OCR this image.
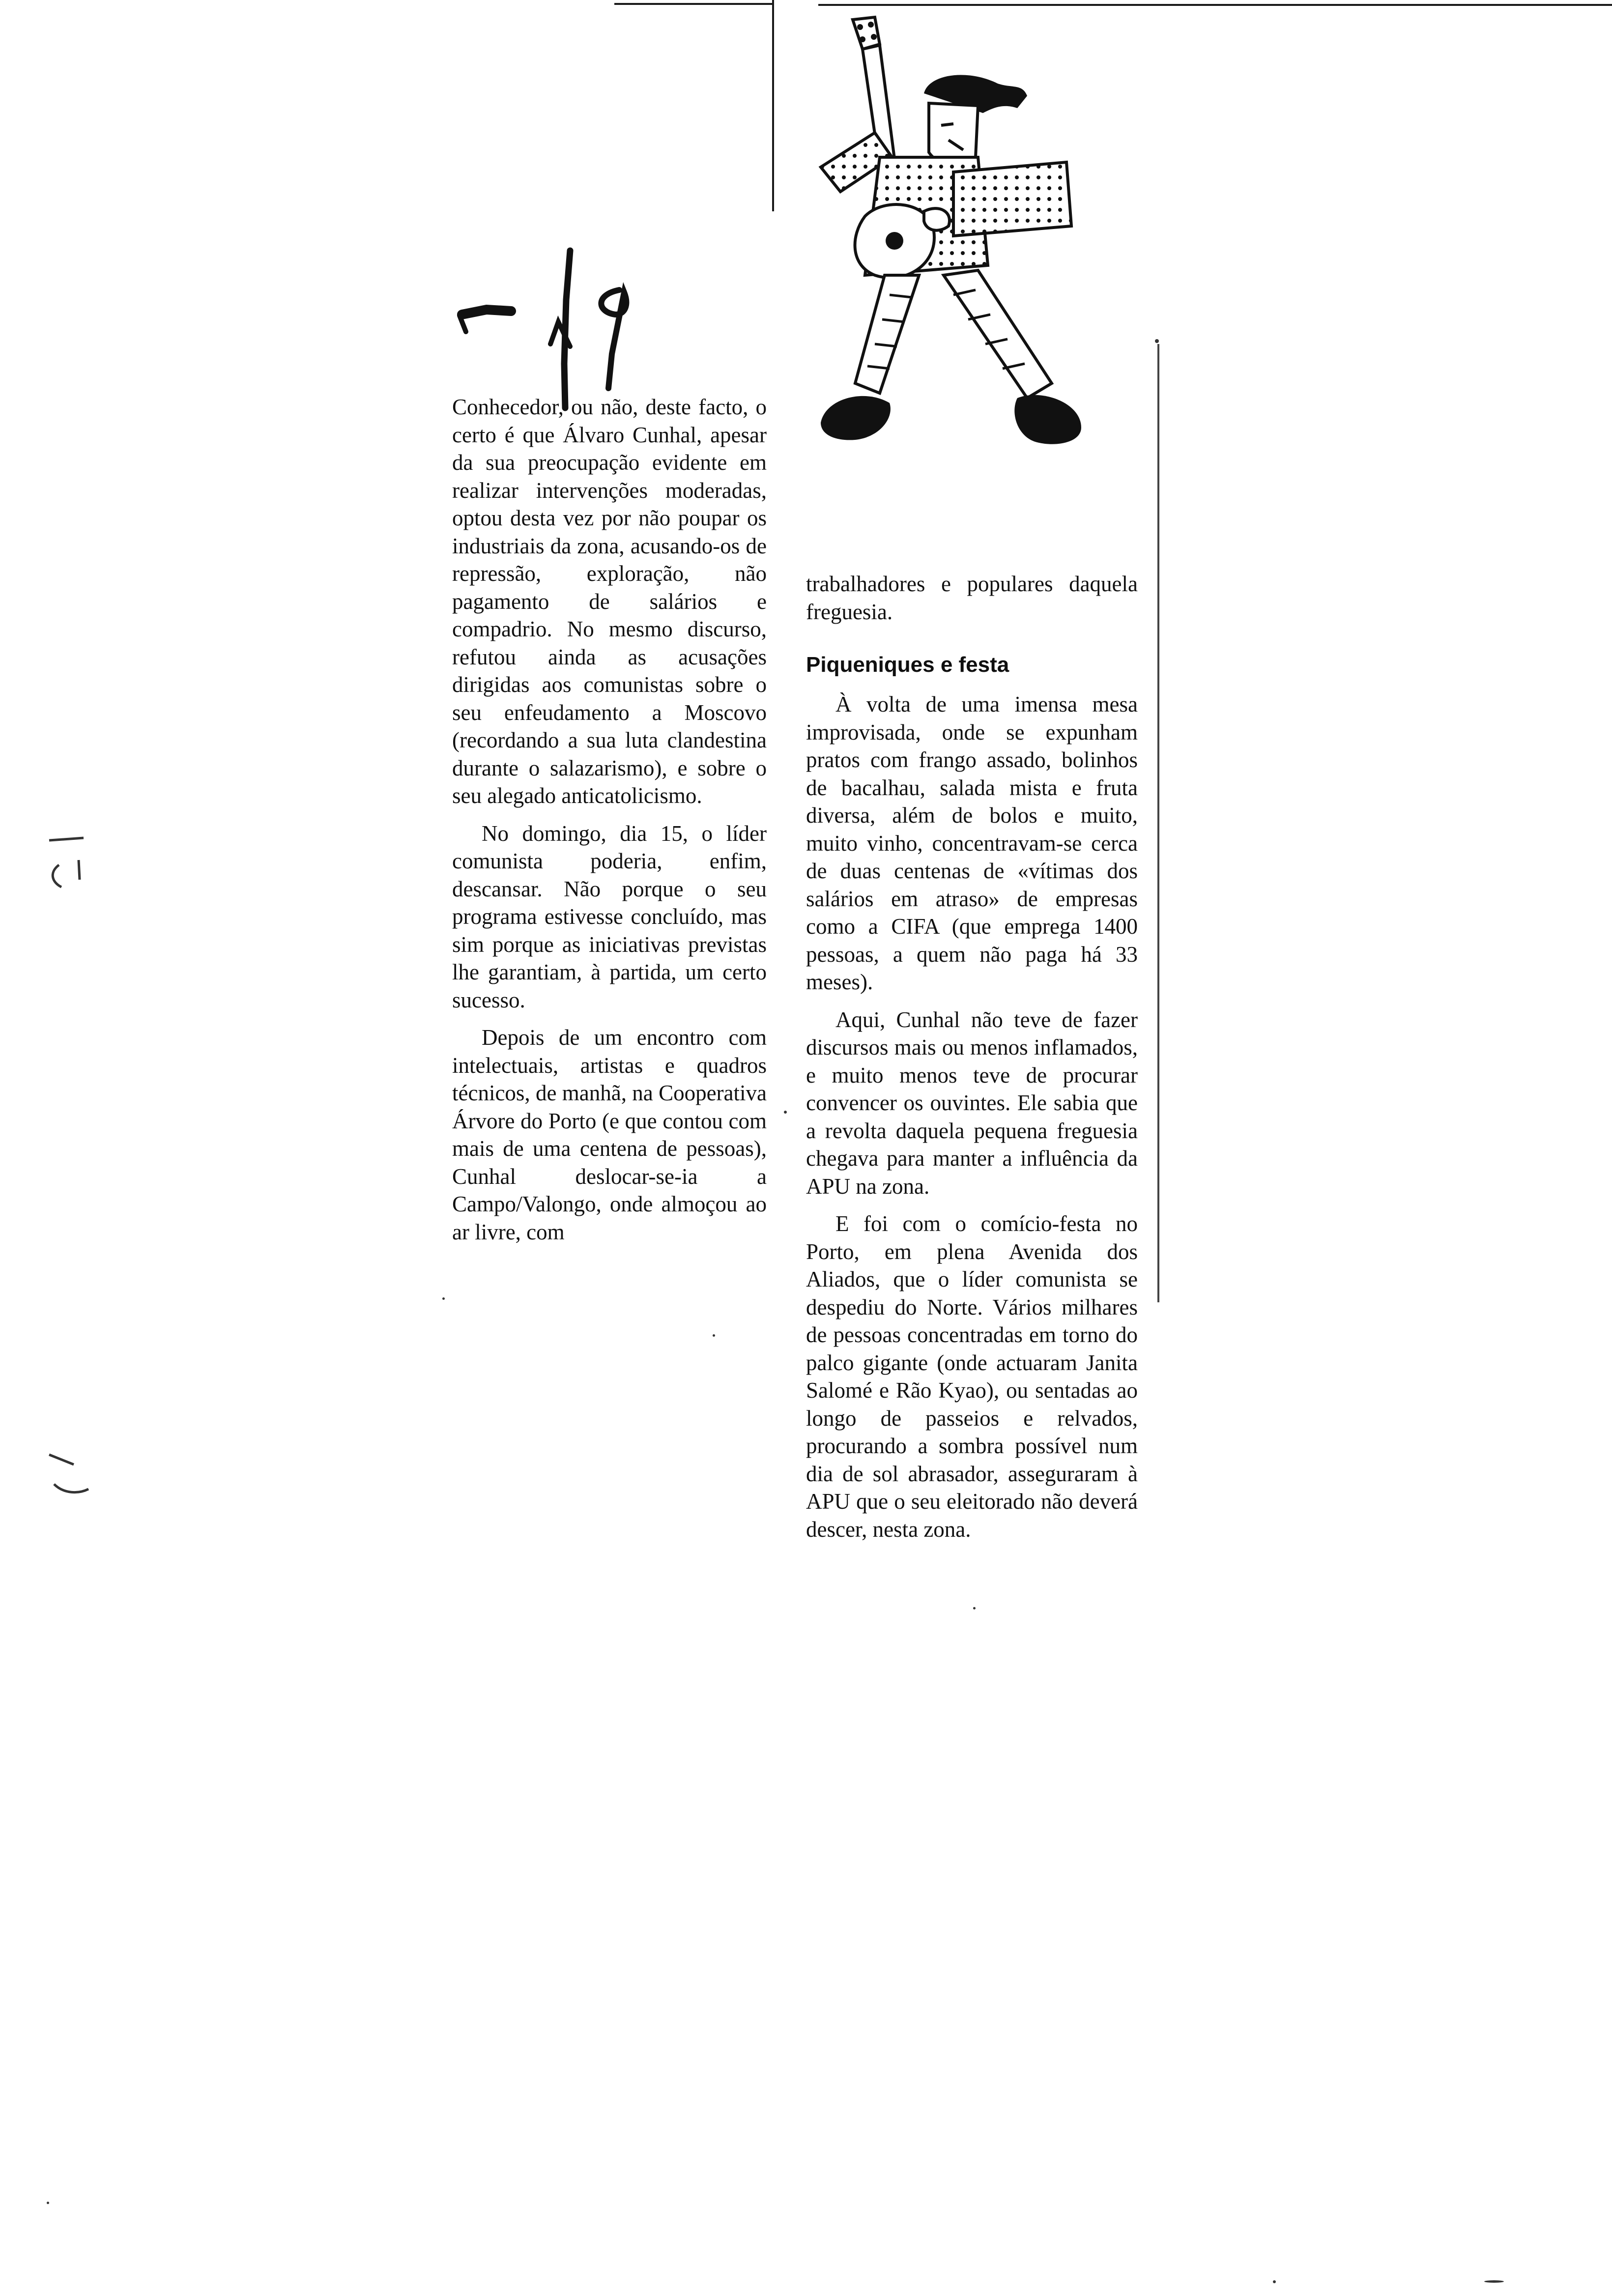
Conhecedor, ou não, deste facto, o certo é que Álvaro Cunhal, apesar da sua preocupação evidente em realizar intervenções moderadas, optou desta vez por não poupar os industriais da zona, acusando-os de repressão, exploração, não pagamento de salários e compadrio. No mesmo discurso, refutou ainda as acusações dirigidas aos comunistas sobre o seu enfeudamento a Moscovo (recordando a sua luta clandestina durante o salazarismo), e sobre o seu alegado anticatolicismo.

No domingo, dia 15, o líder comunista poderia, enfim, descansar. Não porque o seu programa estivesse concluído, mas sim porque as iniciativas previstas lhe garantiam, à partida, um certo sucesso.

Depois de um encontro com intelectuais, artistas e quadros técnicos, de manhã, na Cooperativa Árvore do Porto (e que contou com mais de uma centena de pessoas), Cunhal deslocar-se-ia a Campo/Valongo, onde almoçou ao ar livre, com

trabalhadores e populares daquela freguesia.

Piqueniques e festa

À volta de uma imensa mesa improvisada, onde se expunham pratos com frango assado, bolinhos de bacalhau, salada mista e fruta diversa, além de bolos e muito, muito vinho, concentravam-se cerca de duas centenas de «vítimas dos salários em atraso» de empresas como a CIFA (que emprega 1400 pessoas, a quem não paga há 33 meses).

Aqui, Cunhal não teve de fazer discursos mais ou menos inflamados, e muito menos teve de procurar convencer os ouvintes. Ele sabia que a revolta daquela pequena freguesia chegava para manter a influência da APU na zona.

E foi com o comício-festa no Porto, em plena Avenida dos Aliados, que o líder comunista se despediu do Norte. Vários milhares de pessoas concentradas em torno do palco gigante (onde actuaram Janita Salomé e Rão Kyao), ou sentadas ao longo de passeios e relvados, procurando a sombra possível num dia de sol abrasador, asseguraram à APU que o seu eleitorado não deverá descer, nesta zona.
